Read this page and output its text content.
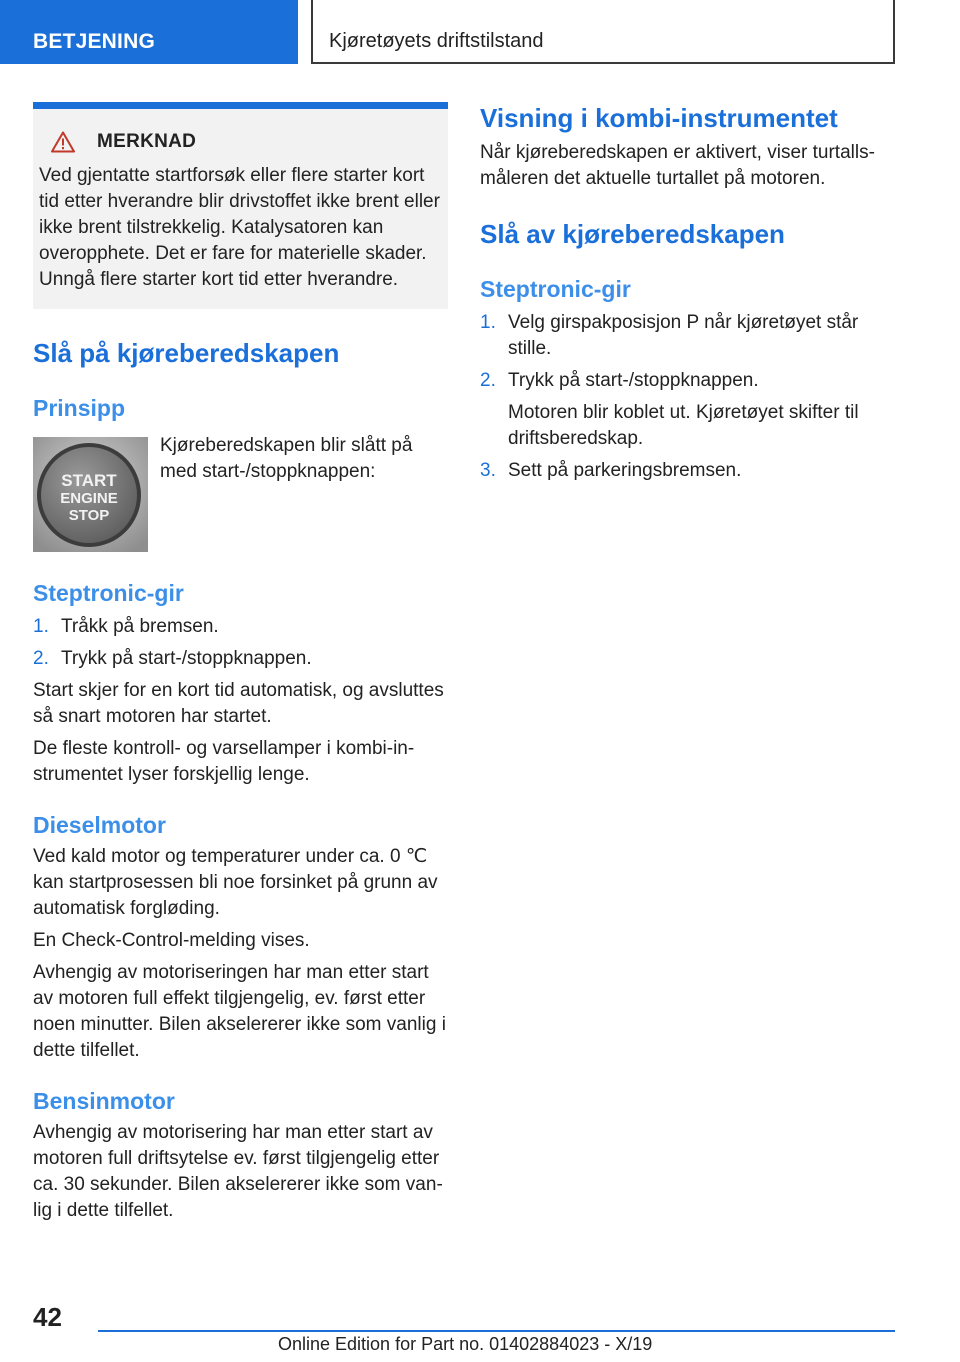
BETJENING	Kjøretøyets driftstilstand
MERKNAD

Ved gjentatte startforsøk eller flere starter kort tid etter hverandre blir drivstoffet ikke brent eller ikke brent tilstrekkelig. Katalysatoren kan overopphete. Det er fare for materielle skader. Unngå flere starter kort tid etter hverandre.

Slå på kjøreberedskapen
Prinsipp
START
ENGINE
STOP

Kjøreberedskapen blir slått på med start-/stoppknappen:

Steptronic-gir
1. Tråkk på bremsen.
2. Trykk på start-/stoppknappen.

Start skjer for en kort tid automatisk, og avsluttes så snart motoren har startet.

De fleste kontroll- og varsellamper i kombi-instrumentet lyser forskjellig lenge.

Dieselmotor

Ved kald motor og temperaturer under ca. 0 ℃ kan startprosessen bli noe forsinket på grunn av automatisk forgløding.

En Check-Control-melding vises.

Avhengig av motoriseringen har man etter start av motoren full effekt tilgjengelig, ev. først etter noen minutter. Bilen akselererer ikke som vanlig i dette tilfellet.

Bensinmotor

Avhengig av motorisering har man etter start av motoren full driftsytelse ev. først tilgjengelig etter ca. 30 sekunder. Bilen akselererer ikke som vanlig i dette tilfellet.

Visning i kombi-instrumentet

Når kjøreberedskapen er aktivert, viser turtallsmåleren det aktuelle turtallet på motoren.

Slå av kjøreberedskapen
Steptronic-gir
1. Velg girspakposisjon P når kjøretøyet står stille.
2. Trykk på start-/stoppknappen.

Motoren blir koblet ut. Kjøretøyet skifter til driftsberedskap.

3. Sett på parkeringsbremsen.
42
Online Edition for Part no. 01402884023 - X/19
